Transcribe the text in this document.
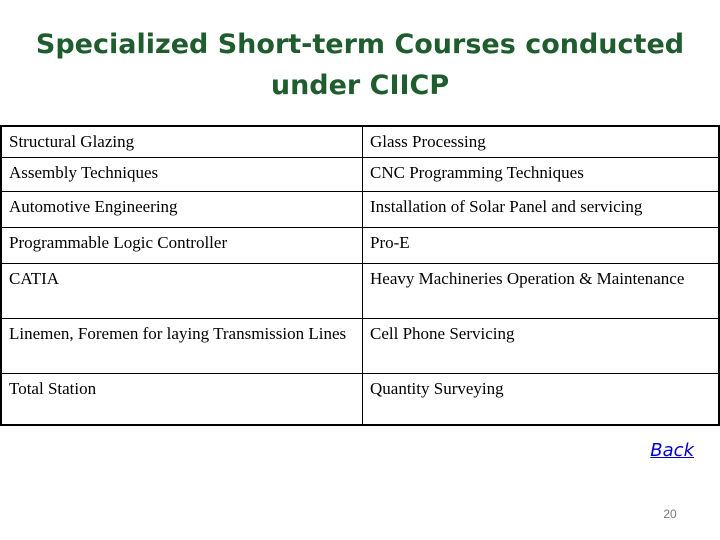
Specialized Short-term Courses conducted
under CIICP
Structural Glazing	Glass Processing
Assembly Techniques	CNC Programming Techniques
Automotive Engineering	Installation of Solar Panel and servicing
Programmable Logic Controller	Pro-E
CATIA	Heavy Machineries Operation & Maintenance
Linemen, Foremen for laying Transmission Lines	Cell Phone Servicing
Total Station	Quantity Surveying
Back
20
